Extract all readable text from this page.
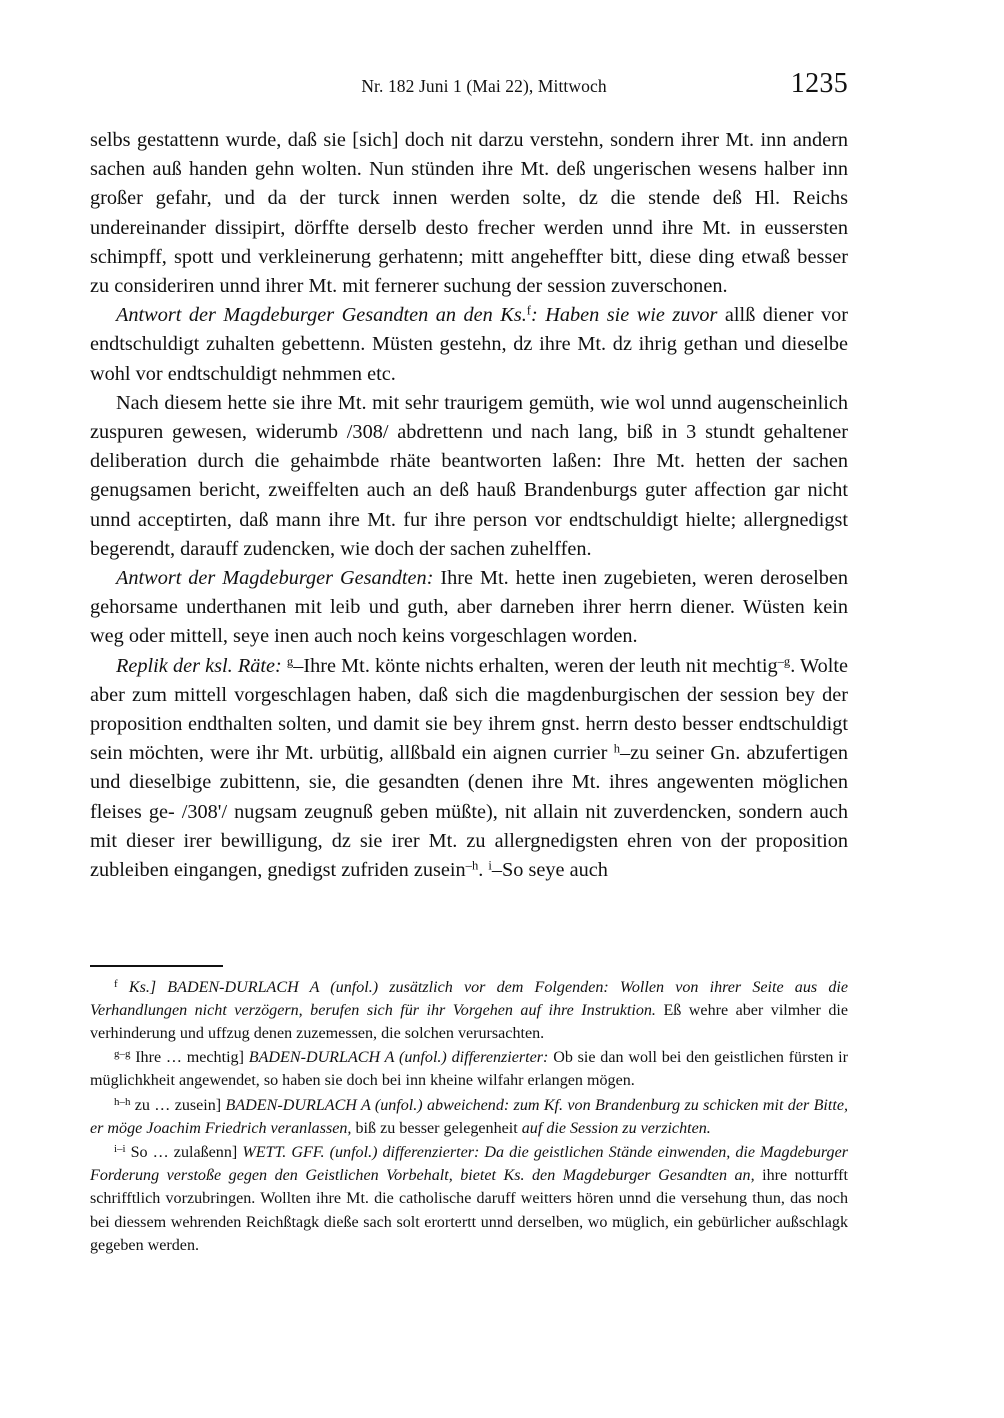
Nr. 182 Juni 1 (Mai 22), Mittwoch	1235

selbs gestattenn wurde, daß sie [sich] doch nit darzu verstehn, sondern ihrer Mt. inn andern sachen auß handen gehn wolten. Nun stünden ihre Mt. deß ungerischen wesens halber inn großer gefahr, und da der turck innen werden solte, dz die stende deß Hl. Reichs undereinander dissipirt, dörffte derselb desto frecher werden unnd ihre Mt. in eussersten schimpff, spott und verkleinerung gerhatenn; mitt angeheffter bitt, diese ding etwaß besser zu consideriren unnd ihrer Mt. mit fernerer suchung der session zuverschonen.

Antwort der Magdeburger Gesandten an den Ks.$^f$: Haben sie wie zuvor allß diener vor endtschuldigt zuhalten gebettenn. Müsten gestehn, dz ihre Mt. dz ihrig gethan und dieselbe wohl vor endtschuldigt nehmmen etc.

Nach diesem hette sie ihre Mt. mit sehr traurigem gemüth, wie wol unnd augenscheinlich zuspuren gewesen, widerumb /308/ abdrettenn und nach lang, biß in 3 stundt gehaltener deliberation durch die gehaimbde rhäte beantworten laßen: Ihre Mt. hetten der sachen genugsamen bericht, zweiffelten auch an deß hauß Brandenburgs guter affection gar nicht unnd acceptirten, daß mann ihre Mt. fur ihre person vor endtschuldigt hielte; allergnedigst begerendt, darauff zudencken, wie doch der sachen zuhelffen.

Antwort der Magdeburger Gesandten: Ihre Mt. hette inen zugebieten, weren deroselben gehorsame underthanen mit leib und guth, aber darneben ihrer herrn diener. Wüsten kein weg oder mittell, seye inen auch noch keins vorgeschlagen worden.

Replik der ksl. Räte: $^g$–Ihre Mt. könte nichts erhalten, weren der leuth nit mechtig$^{-g}$. Wolte aber zum mittell vorgeschlagen haben, daß sich die magdenburgischen der session bey der proposition endthalten solten, und damit sie bey ihrem gnst. herrn desto besser endtschuldigt sein möchten, were ihr Mt. urbütig, allßbald ein aignen currier $^h$–zu seiner Gn. abzufertigen und dieselbige zubittenn, sie, die gesandten (denen ihre Mt. ihres angewenten möglichen fleises ge- /308'/ nugsam zeugnuß geben müßte), nit allain nit zuverdencken, sondern auch mit dieser irer bewilligung, dz sie irer Mt. zu allergnedigsten ehren von der proposition zubleiben eingangen, gnedigst zufriden zusein$^{-h}$. $^i$–So seye auch

$^f$ Ks.] BADEN-DURLACH A (unfol.) zusätzlich vor dem Folgenden: Wollen von ihrer Seite aus die Verhandlungen nicht verzögern, berufen sich für ihr Vorgehen auf ihre Instruktion. Eß wehre aber vilmher die verhinderung und uffzug denen zuzemessen, die solchen verursachten.

$^{g-g}$ Ihre … mechtig] BADEN-DURLACH A (unfol.) differenzierter: Ob sie dan woll bei den geistlichen fürsten ir müglichkheit angewendet, so haben sie doch bei inn kheine wilfahr erlangen mögen.

$^{h-h}$ zu … zusein] BADEN-DURLACH A (unfol.) abweichend: zum Kf. von Brandenburg zu schicken mit der Bitte, er möge Joachim Friedrich veranlassen, biß zu besser gelegenheit auf die Session zu verzichten.

$^{i-i}$ So … zulaßenn] WETT. GFF. (unfol.) differenzierter: Da die geistlichen Stände einwenden, die Magdeburger Forderung verstoße gegen den Geistlichen Vorbehalt, bietet Ks. den Magdeburger Gesandten an, ihre notturfft schrifftlich vorzubringen. Wollten ihre Mt. die catholische daruff weitters hören unnd die versehung thun, das noch bei diessem wehrenden Reichßtagk dieße sach solt erortertt unnd derselben, wo müglich, ein gebürlicher außschlagk gegeben werden.
